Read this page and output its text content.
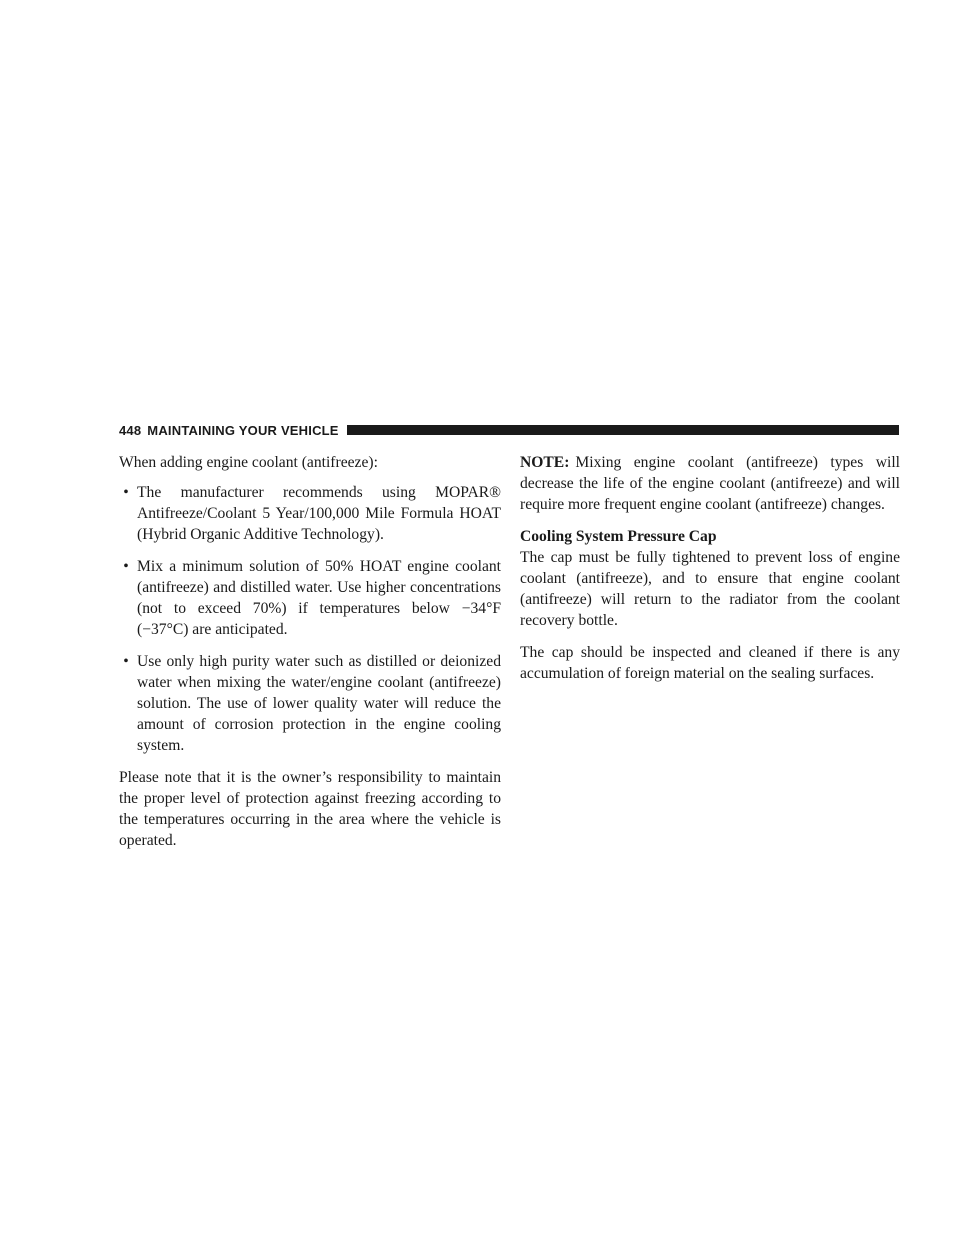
448 MAINTAINING YOUR VEHICLE

When adding engine coolant (antifreeze):

• The manufacturer recommends using MOPAR® Antifreeze/Coolant 5 Year/100,000 Mile Formula HOAT (Hybrid Organic Additive Technology).
• Mix a minimum solution of 50% HOAT engine coolant (antifreeze) and distilled water. Use higher concentrations (not to exceed 70%) if temperatures below −34°F (−37°C) are anticipated.
• Use only high purity water such as distilled or deionized water when mixing the water/engine coolant (antifreeze) solution. The use of lower quality water will reduce the amount of corrosion protection in the engine cooling system.

Please note that it is the owner’s responsibility to maintain the proper level of protection against freezing according to the temperatures occurring in the area where the vehicle is operated.

NOTE: Mixing engine coolant (antifreeze) types will decrease the life of the engine coolant (antifreeze) and will require more frequent engine coolant (antifreeze) changes.

Cooling System Pressure Cap

The cap must be fully tightened to prevent loss of engine coolant (antifreeze), and to ensure that engine coolant (antifreeze) will return to the radiator from the coolant recovery bottle.

The cap should be inspected and cleaned if there is any accumulation of foreign material on the sealing surfaces.
